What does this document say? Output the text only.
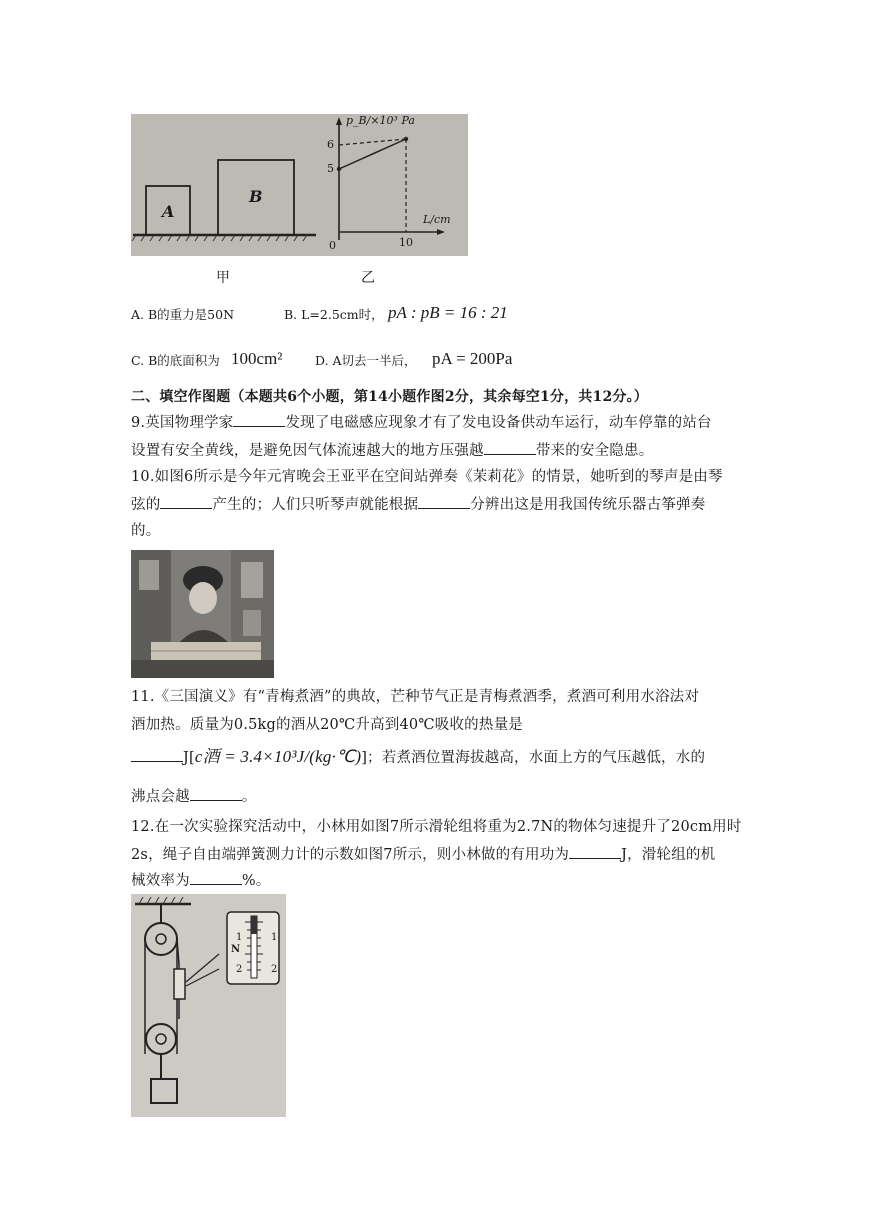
A
B
p_B/×10³ Pa
L/cm
6
5
0	10
甲	乙
A. B的重力是50N	B. L=2.5cm时， pA : pB = 16 : 21
C. B的底面积为 100cm²	D. A切去一半后， pA = 200Pa
二、填空作图题（本题共6个小题，第14小题作图2分，其余每空1分，共12分。）
9.英国物理学家	发现了电磁感应现象才有了发电设备供动车运行，动车停靠的站台
设置有安全黄线，是避免因气体流速越大的地方压强越	带来的安全隐患。
10.如图6所示是今年元宵晚会王亚平在空间站弹奏《茉莉花》的情景，她听到的琴声是由琴
弦的	产生的；人们只听琴声就能根据	分辨出这是用我国传统乐器古筝弹奏
的。
11.《三国演义》有“青梅煮酒”的典故，芒种节气正是青梅煮酒季，煮酒可利用水浴法对
酒加热。质量为0.5kg的酒从20℃升高到40℃吸收的热量是
J[c酒 = 3.4×10³J/(kg·℃)]；若煮酒位置海拔越高，水面上方的气压越低，水的
沸点会越	。
12.在一次实验探究活动中，小林用如图7所示滑轮组将重为2.7N的物体匀速提升了20cm用时
2s，绳子自由端弹簧测力计的示数如图7所示，则小林做的有用功为	J，滑轮组的机
械效率为	%。
1
N
2
1
2
